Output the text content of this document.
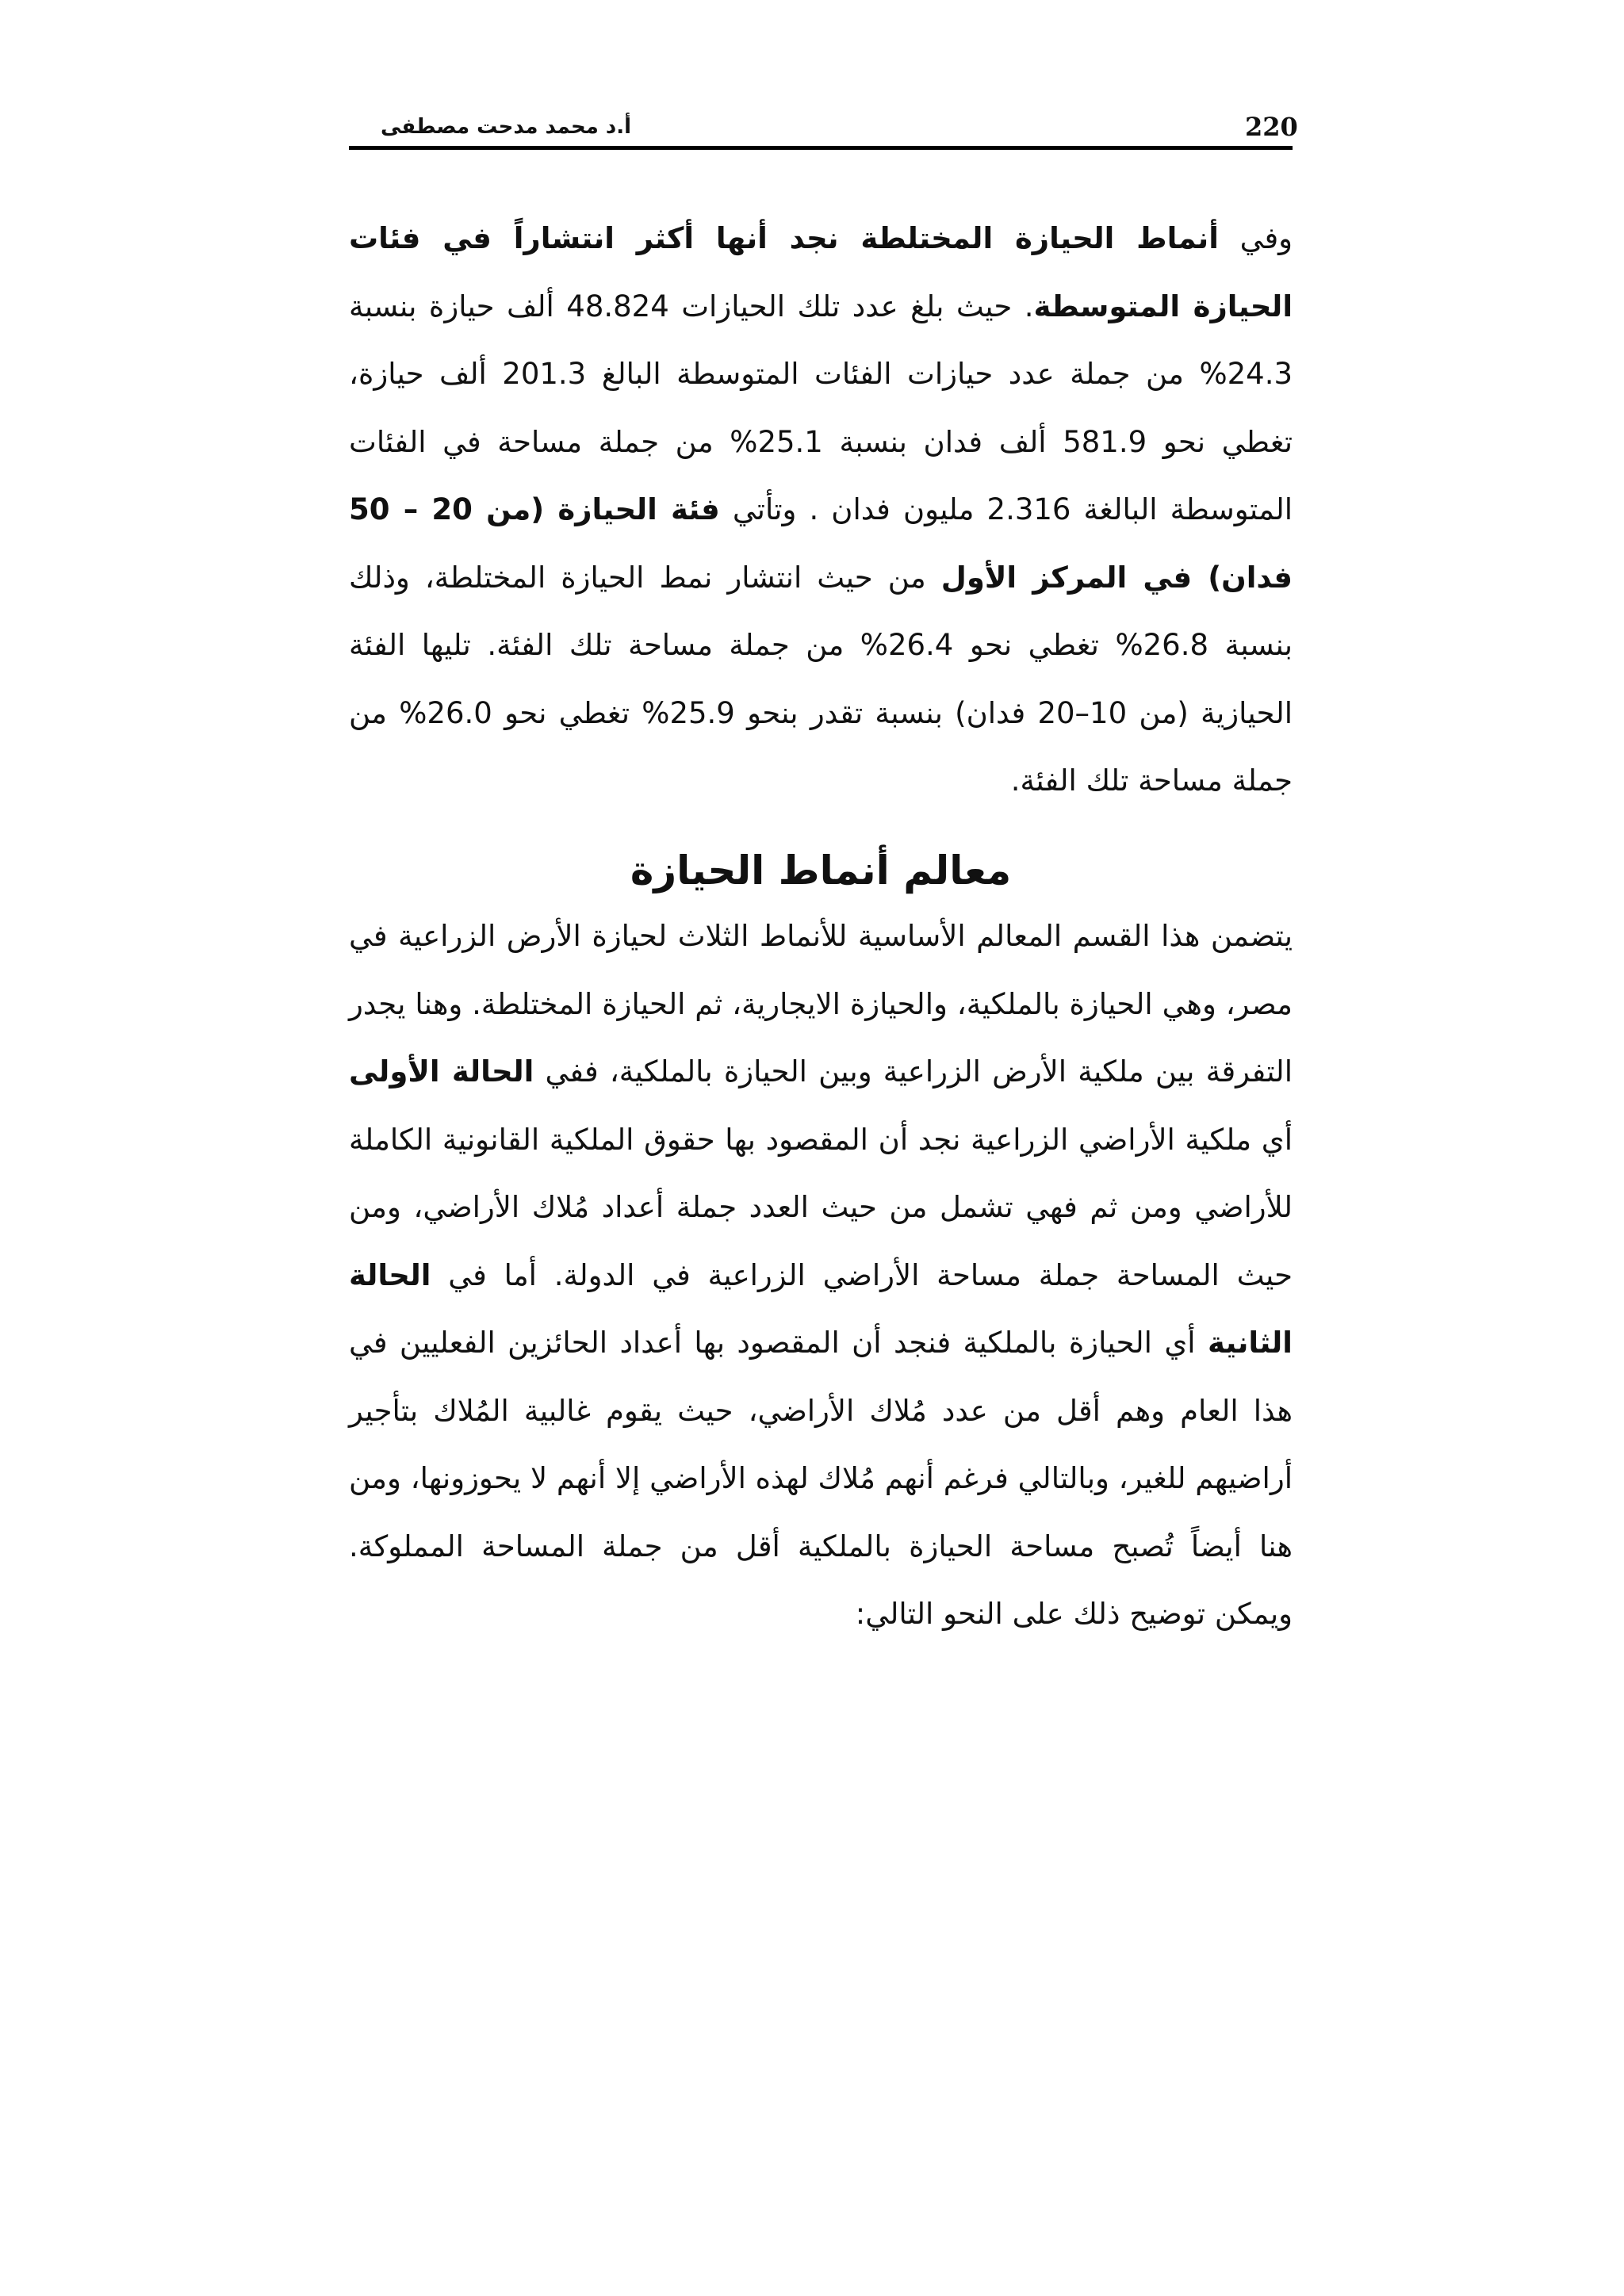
220
أ.د محمد مدحت مصطفى

وفي أنماط الحيازة المختلطة نجد أنها أكثر انتشاراً في فئات الحيازة المتوسطة. حيث بلغ عدد تلك الحيازات 48.824 ألف حيازة بنسبة 24.3% من جملة عدد حيازات الفئات المتوسطة البالغ 201.3 ألف حيازة، تغطي نحو 581.9 ألف فدان بنسبة 25.1% من جملة مساحة في الفئات المتوسطة البالغة 2.316 مليون فدان . وتأتي فئة الحيازة (من 20 – 50 فدان) في المركز الأول من حيث انتشار نمط الحيازة المختلطة، وذلك بنسبة 26.8% تغطي نحو 26.4% من جملة مساحة تلك الفئة. تليها الفئة الحيازية (من 10–20 فدان) بنسبة تقدر بنحو 25.9% تغطي نحو 26.0% من جملة مساحة تلك الفئة.

معالم أنماط الحيازة

يتضمن هذا القسم المعالم الأساسية للأنماط الثلاث لحيازة الأرض الزراعية في مصر، وهي الحيازة بالملكية، والحيازة الايجارية، ثم الحيازة المختلطة. وهنا يجدر التفرقة بين ملكية الأرض الزراعية وبين الحيازة بالملكية، ففي الحالة الأولى أي ملكية الأراضي الزراعية نجد أن المقصود بها حقوق الملكية القانونية الكاملة للأراضي ومن ثم فهي تشمل من حيث العدد جملة أعداد مُلاك الأراضي، ومن حيث المساحة جملة مساحة الأراضي الزراعية في الدولة. أما في الحالة الثانية أي الحيازة بالملكية فنجد أن المقصود بها أعداد الحائزين الفعليين في هذا العام وهم أقل من عدد مُلاك الأراضي، حيث يقوم غالبية المُلاك بتأجير أراضيهم للغير، وبالتالي فرغم أنهم مُلاك لهذه الأراضي إلا أنهم لا يحوزونها، ومن هنا أيضاً تُصبح مساحة الحيازة بالملكية أقل من جملة المساحة المملوكة. ويمكن توضيح ذلك على النحو التالي:
